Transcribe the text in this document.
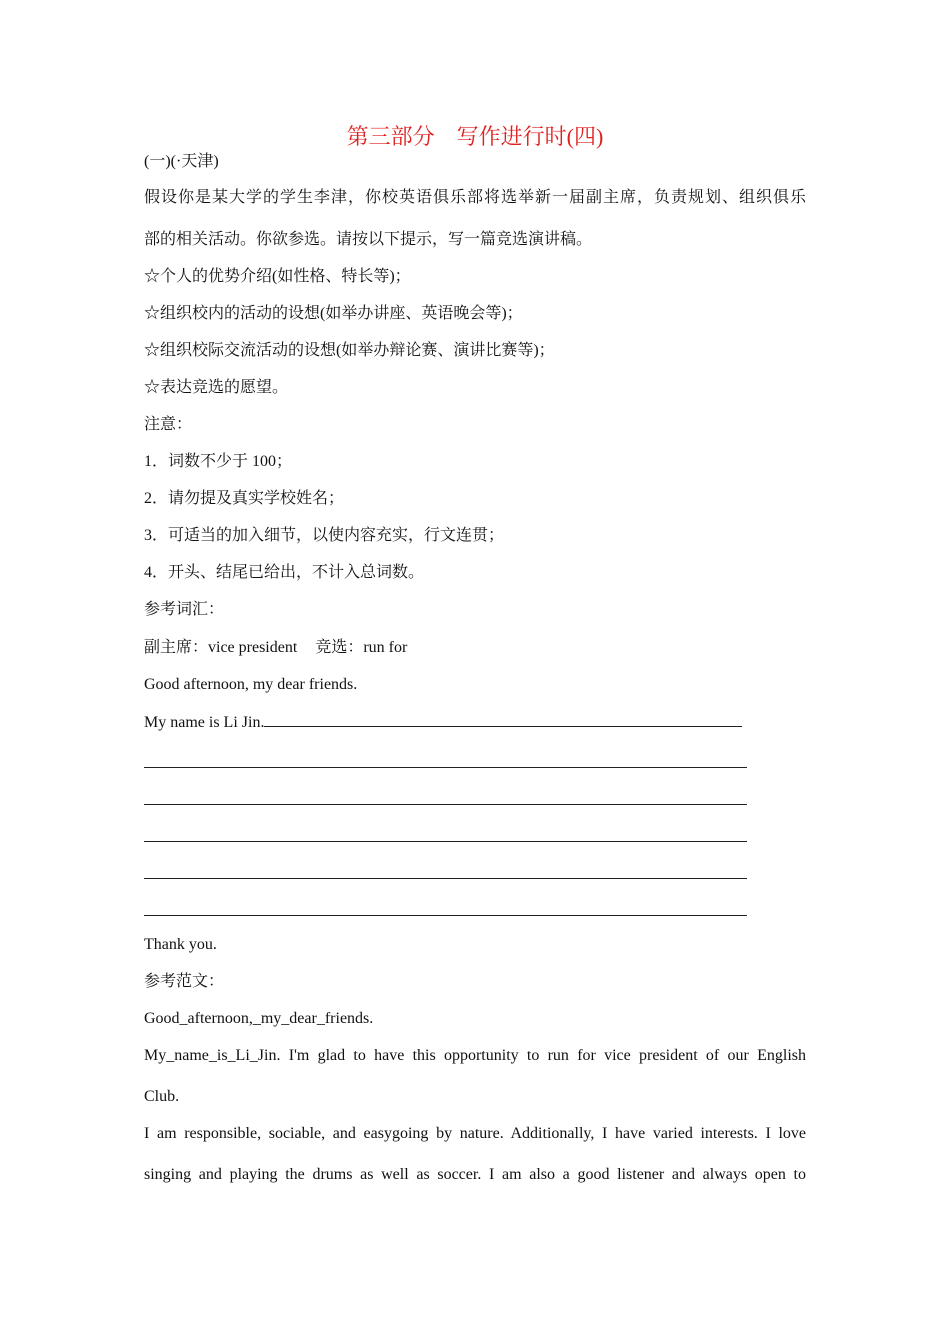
第三部分　写作进行时(四)
(一)(·天津)
假设你是某大学的学生李津，你校英语俱乐部将选举新一届副主席，负责规划、组织俱乐
部的相关活动。你欲参选。请按以下提示，写一篇竞选演讲稿。
☆个人的优势介绍(如性格、特长等)；
☆组织校内的活动的设想(如举办讲座、英语晚会等)；
☆组织校际交流活动的设想(如举办辩论赛、演讲比赛等)；
☆表达竞选的愿望。
注意：
1．词数不少于 100；
2．请勿提及真实学校姓名；
3．可适当的加入细节，以使内容充实，行文连贯；
4．开头、结尾已给出，不计入总词数。
参考词汇：
副主席：vice president 竞选：run for
Good afternoon, my dear friends.
My name is Li Jin.
Thank you.
参考范文：
Good_afternoon,_my_dear_friends.
My_name_is_Li_Jin. I'm glad to have this opportunity to run for vice president of our English
Club.
I am responsible, sociable, and easygoing by nature. Additionally, I have varied interests. I love
singing and playing the drums as well as soccer. I am also a good listener and always open to
